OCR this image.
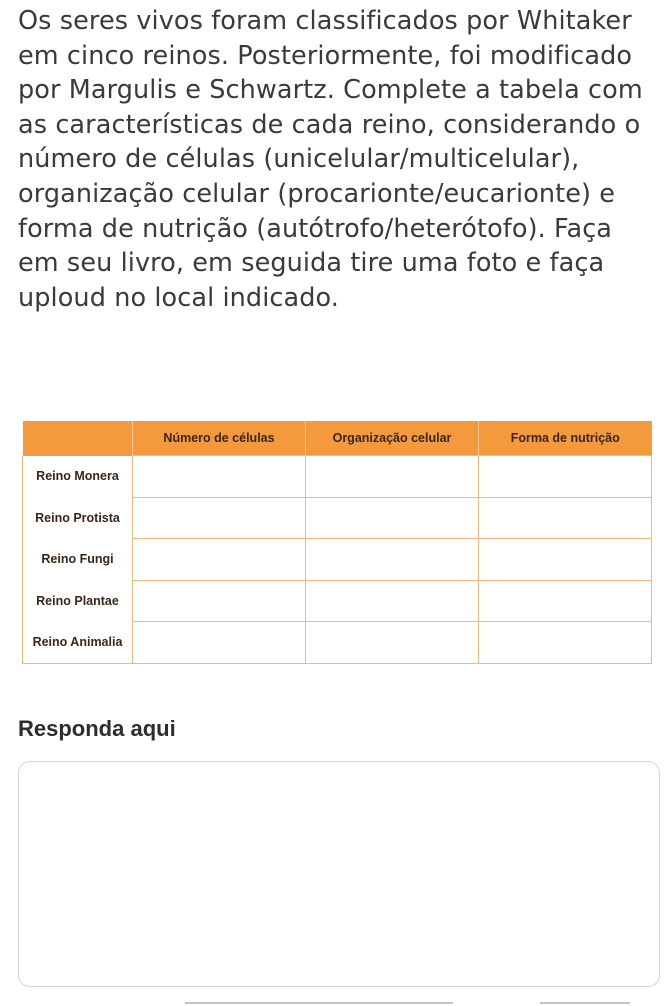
Os seres vivos foram classificados por Whitaker em cinco reinos. Posteriormente, foi modificado por Margulis e Schwartz. Complete a tabela com as características de cada reino, considerando o número de células (unicelular/multicelular), organização celular (procarionte/eucarionte) e forma de nutrição (autótrofo/heterótofo). Faça em seu livro, em seguida tire uma foto e faça uploud no local indicado.

	Número de células	Organização celular	Forma de nutrição
Reino Monera			
Reino Protista			
Reino Fungi			
Reino Plantae			
Reino Animalia			
Responda aqui
